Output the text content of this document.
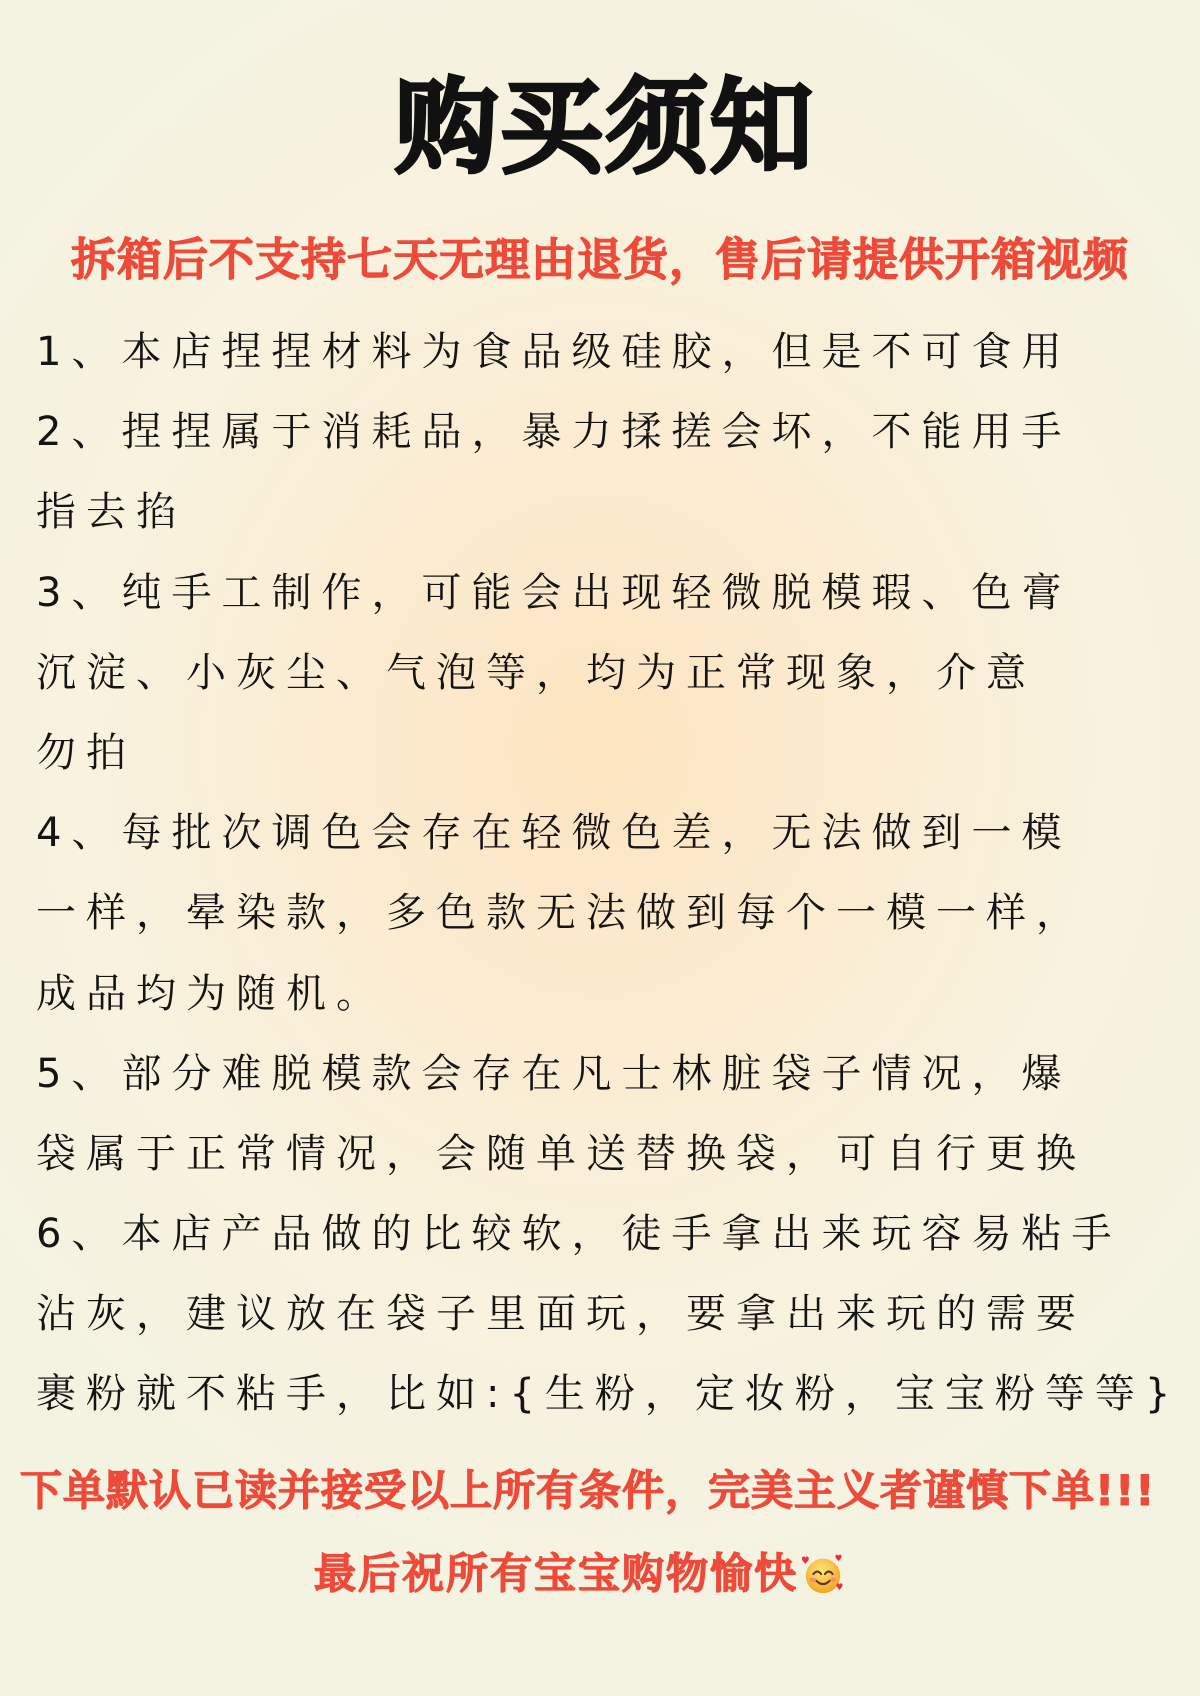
购买须知

拆箱后不支持七天无理由退货，售后请提供开箱视频

1、本店捏捏材料为食品级硅胶，但是不可食用
2、捏捏属于消耗品，暴力揉搓会坏，不能用手
指去掐
3、纯手工制作，可能会出现轻微脱模瑕、色膏
沉淀、小灰尘、气泡等，均为正常现象，介意
勿拍
4、每批次调色会存在轻微色差，无法做到一模
一样，晕染款，多色款无法做到每个一模一样，
成品均为随机。
5、部分难脱模款会存在凡士林脏袋子情况，爆
袋属于正常情况，会随单送替换袋，可自行更换
6、本店产品做的比较软，徒手拿出来玩容易粘手
沾灰，建议放在袋子里面玩，要拿出来玩的需要
裹粉就不粘手，比如:{生粉，定妆粉，宝宝粉等等}
下单默认已读并接受以上所有条件，完美主义者谨慎下单!!!
最后祝所有宝宝购物愉快
